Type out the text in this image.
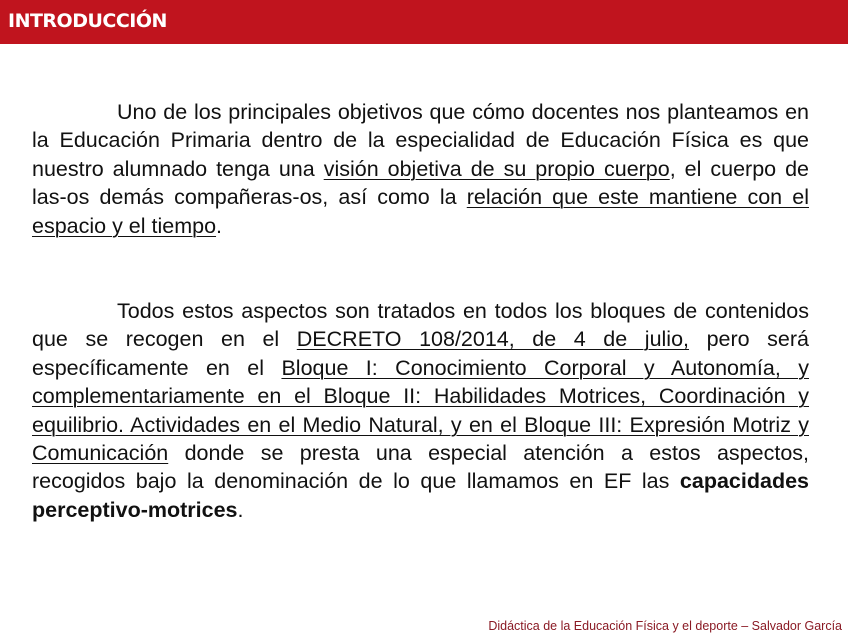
INTRODUCCIÓN

Uno de los principales objetivos que cómo docentes nos planteamos en la Educación Primaria dentro de la especialidad de Educación Física es que nuestro alumnado tenga una visión objetiva de su propio cuerpo, el cuerpo de las-os demás compañeras-os, así como la relación que este mantiene con el espacio y el tiempo.

Todos estos aspectos son tratados en todos los bloques de contenidos que se recogen en el DECRETO 108/2014, de 4 de julio, pero será específicamente en el Bloque I: Conocimiento Corporal y Autonomía, y complementariamente en el Bloque II: Habilidades Motrices, Coordinación y equilibrio. Actividades en el Medio Natural, y en el Bloque III: Expresión Motriz y Comunicación donde se presta una especial atención a estos aspectos, recogidos bajo la denominación de lo que llamamos en EF las capacidades perceptivo-motrices.

Didáctica de la Educación Física y el deporte – Salvador García
